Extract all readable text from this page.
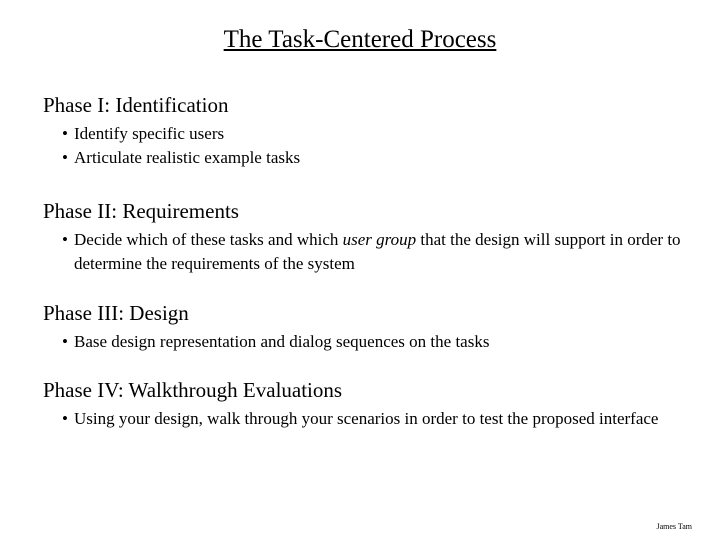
The Task-Centered Process
Phase I: Identification
• Identify specific users
• Articulate realistic example tasks
Phase II: Requirements
• Decide which of these tasks and which user group that the design will support in order to determine the requirements of the system
Phase III: Design
• Base design representation and dialog sequences on the tasks
Phase IV: Walkthrough Evaluations
• Using your design, walk through your scenarios in order to test the proposed interface
James Tam
